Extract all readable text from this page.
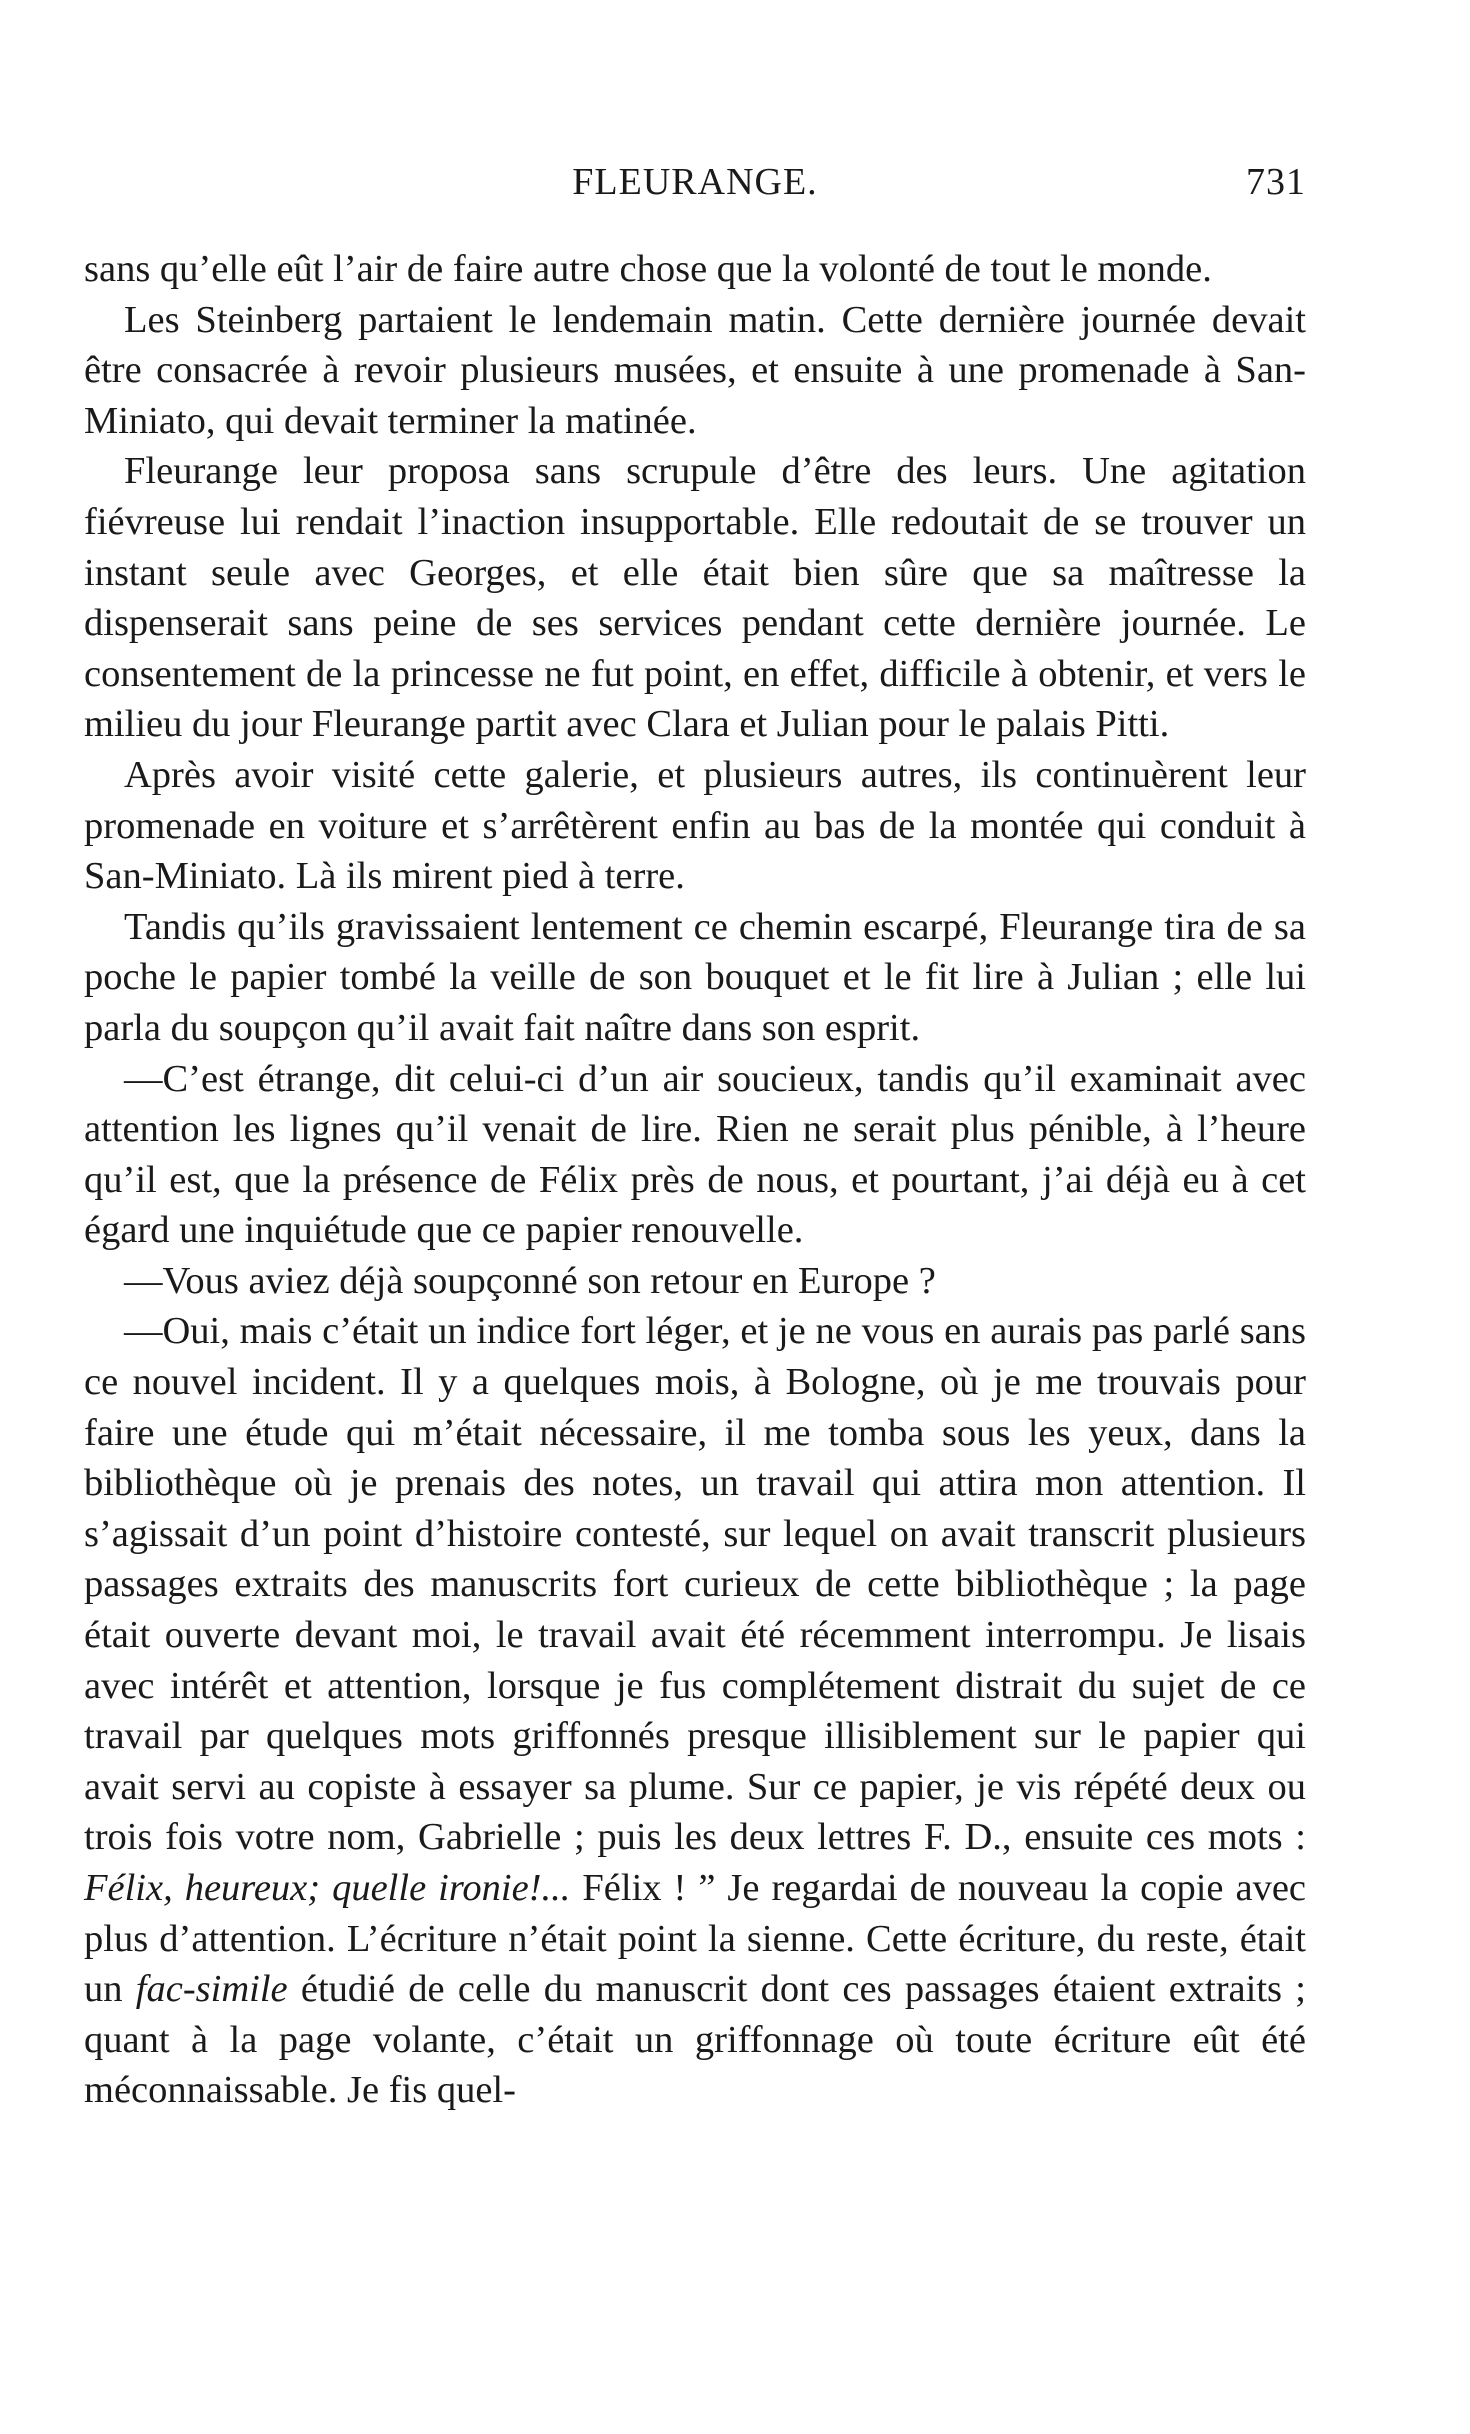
FLEURANGE.	731

sans qu’elle eût l’air de faire autre chose que la volonté de tout le monde.

Les Steinberg partaient le lendemain matin. Cette dernière journée devait être consacrée à revoir plusieurs musées, et ensuite à une promenade à San-Miniato, qui devait terminer la matinée.

Fleurange leur proposa sans scrupule d’être des leurs. Une agitation fiévreuse lui rendait l’inaction insupportable. Elle redoutait de se trouver un instant seule avec Georges, et elle était bien sûre que sa maîtresse la dispenserait sans peine de ses services pendant cette dernière journée. Le consentement de la princesse ne fut point, en effet, difficile à obtenir, et vers le milieu du jour Fleurange partit avec Clara et Julian pour le palais Pitti.

Après avoir visité cette galerie, et plusieurs autres, ils continuèrent leur promenade en voiture et s’arrêtèrent enfin au bas de la montée qui conduit à San-Miniato. Là ils mirent pied à terre.

Tandis qu’ils gravissaient lentement ce chemin escarpé, Fleurange tira de sa poche le papier tombé la veille de son bouquet et le fit lire à Julian ; elle lui parla du soupçon qu’il avait fait naître dans son esprit.

—C’est étrange, dit celui-ci d’un air soucieux, tandis qu’il examinait avec attention les lignes qu’il venait de lire. Rien ne serait plus pénible, à l’heure qu’il est, que la présence de Félix près de nous, et pourtant, j’ai déjà eu à cet égard une inquiétude que ce papier renouvelle.

—Vous aviez déjà soupçonné son retour en Europe ?

—Oui, mais c’était un indice fort léger, et je ne vous en aurais pas parlé sans ce nouvel incident. Il y a quelques mois, à Bologne, où je me trouvais pour faire une étude qui m’était nécessaire, il me tomba sous les yeux, dans la bibliothèque où je prenais des notes, un travail qui attira mon attention. Il s’agissait d’un point d’histoire contesté, sur lequel on avait transcrit plusieurs passages extraits des manuscrits fort curieux de cette bibliothèque ; la page était ouverte devant moi, le travail avait été récemment interrompu. Je lisais avec intérêt et attention, lorsque je fus complétement distrait du sujet de ce travail par quelques mots griffonnés presque illisiblement sur le papier qui avait servi au copiste à essayer sa plume. Sur ce papier, je vis répété deux ou trois fois votre nom, Gabrielle ; puis les deux lettres F. D., ensuite ces mots : Félix, heureux; quelle ironie!... Félix ! ” Je regardai de nouveau la copie avec plus d’attention. L’écriture n’était point la sienne. Cette écriture, du reste, était un fac-simile étudié de celle du manuscrit dont ces passages étaient extraits ; quant à la page volante, c’était un griffonnage où toute écriture eût été méconnaissable. Je fis quel-
